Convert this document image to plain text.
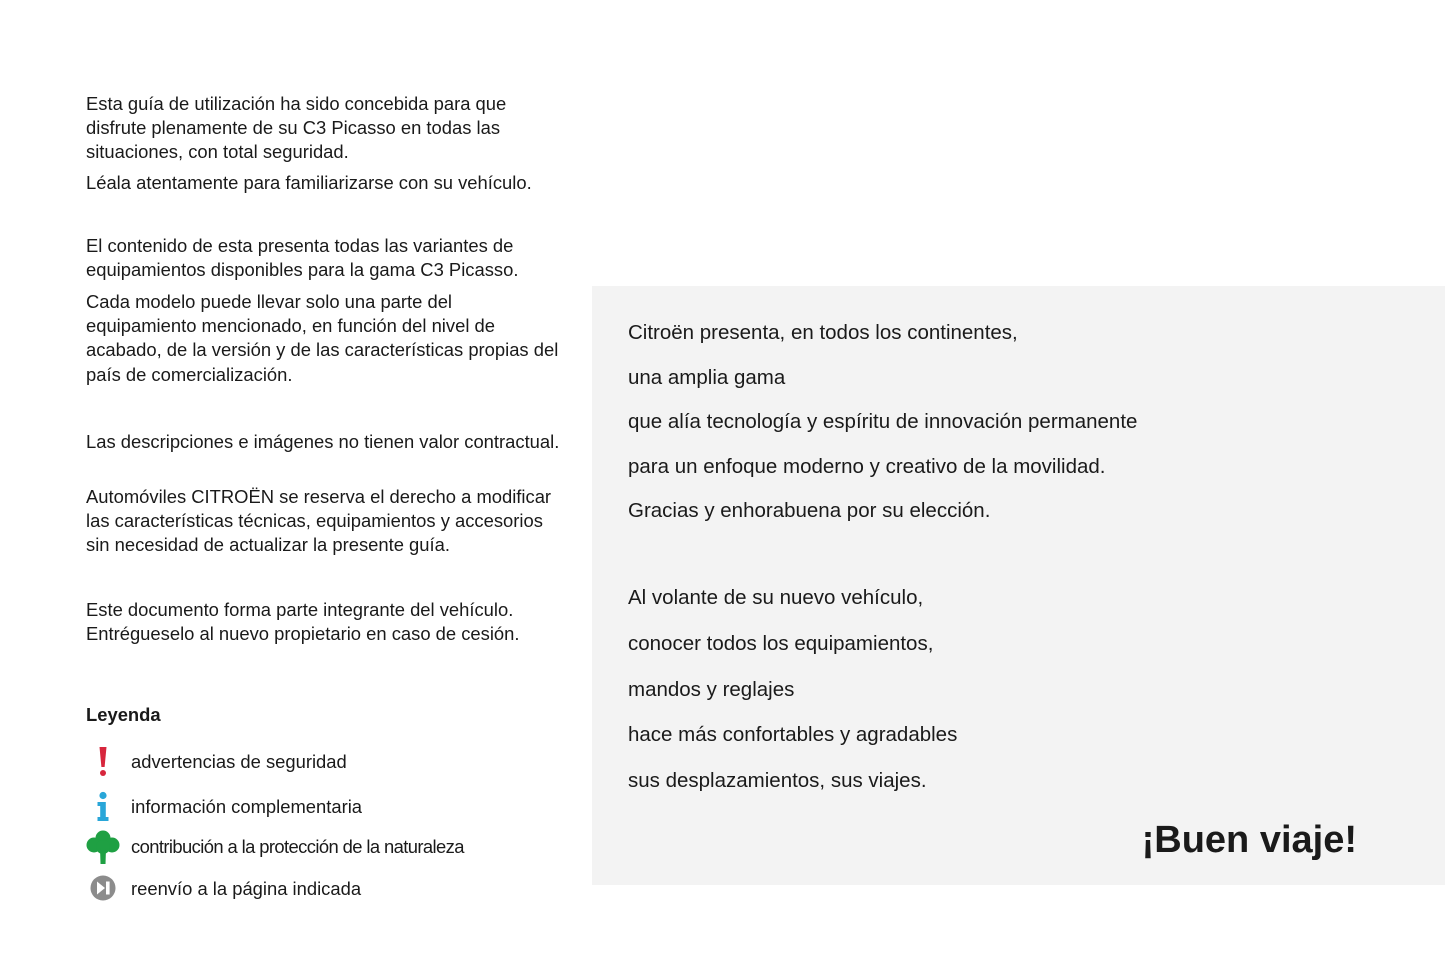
Esta guía de utilización ha sido concebida para que disfrute plenamente de su C3 Picasso en todas las situaciones, con total seguridad.

Léala atentamente para familiarizarse con su vehículo.

El contenido de esta presenta todas las variantes de equipamientos disponibles para la gama C3 Picasso.

Cada modelo puede llevar solo una parte del equipamiento mencionado, en función del nivel de acabado, de la versión y de las características propias del país de comercialización.

Las descripciones e imágenes no tienen valor contractual.

Automóviles CITROËN se reserva el derecho a modificar las características técnicas, equipamientos y accesorios sin necesidad de actualizar la presente guía.

Este documento forma parte integrante del vehículo. Entrégueselo al nuevo propietario en caso de cesión.

Leyenda

advertencias de seguridad
información complementaria
contribución a la protección de la naturaleza
reenvío a la página indicada

Citroën presenta, en todos los continentes,

una amplia gama

que alía tecnología y espíritu de innovación permanente

para un enfoque moderno y creativo de la movilidad.

Gracias y enhorabuena por su elección.

Al volante de su nuevo vehículo,

conocer todos los equipamientos,

mandos y reglajes

hace más confortables y agradables

sus desplazamientos, sus viajes.

¡Buen viaje!
